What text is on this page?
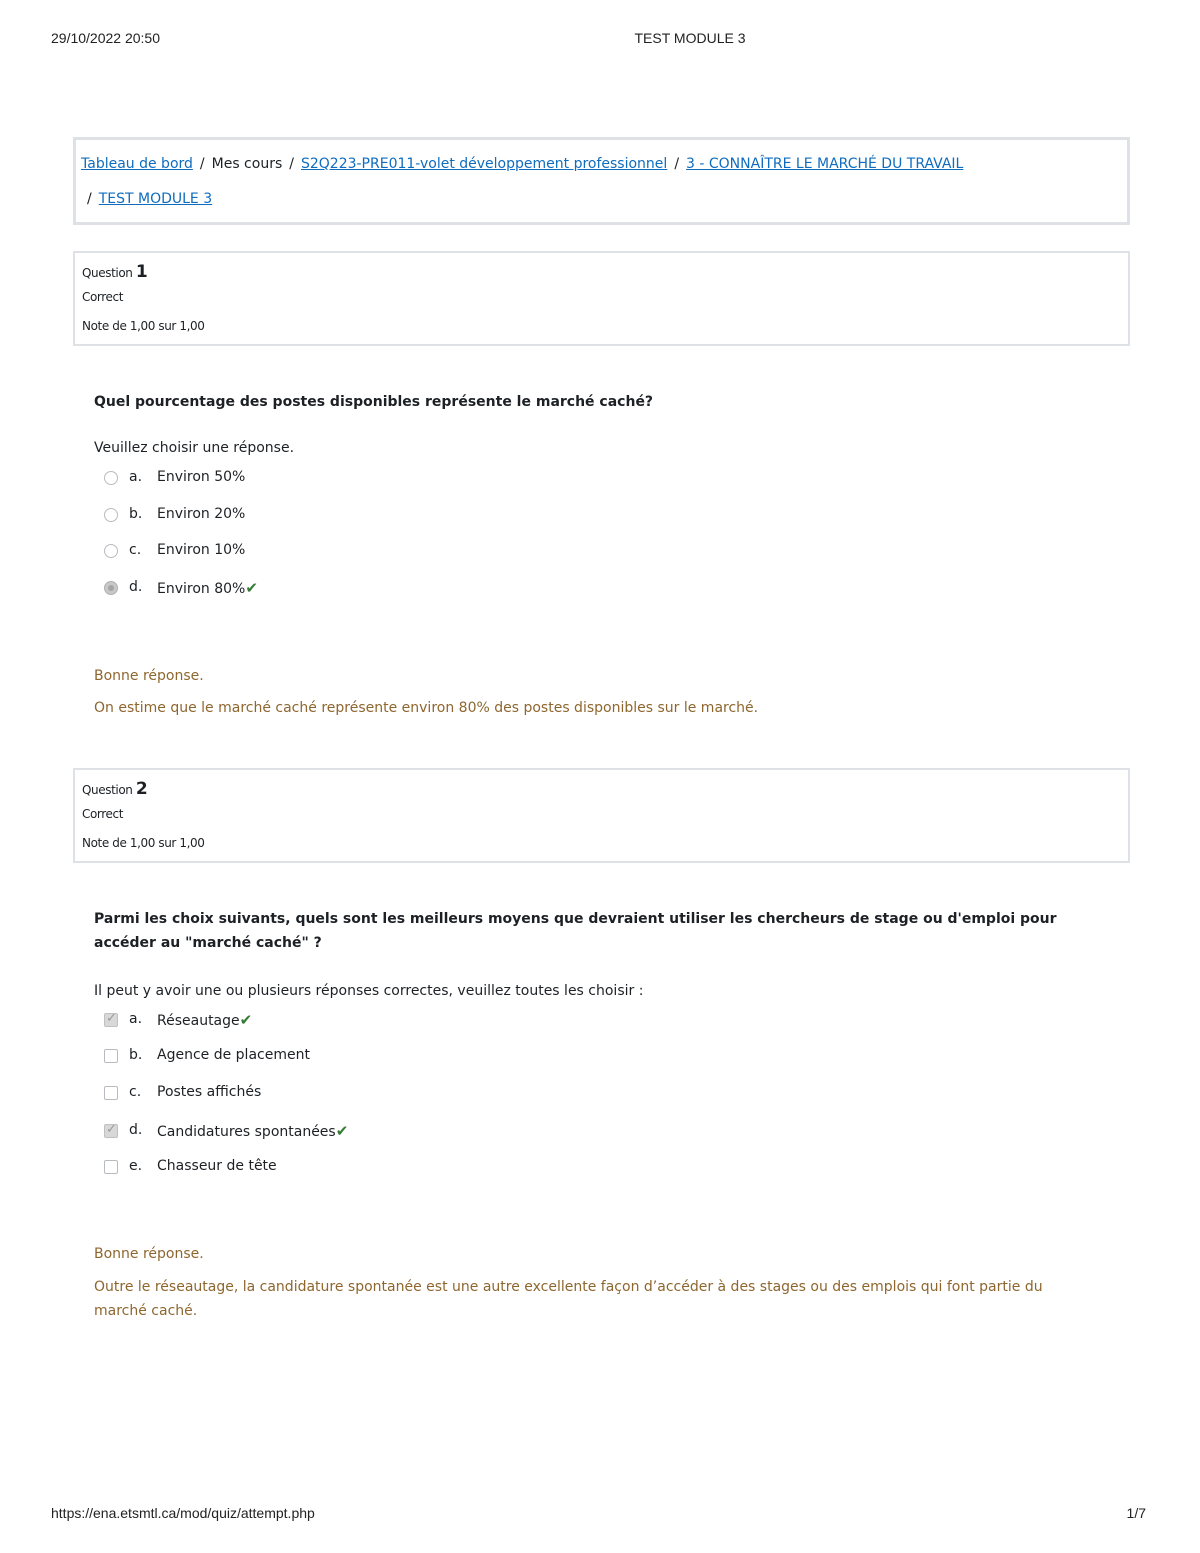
29/10/2022 20:50	TEST MODULE 3
Tableau de bord / Mes cours / S2Q223-PRE011-volet développement professionnel / 3 - CONNAÎTRE LE MARCHÉ DU TRAVAIL
/ TEST MODULE 3
Question 1
Correct
Note de 1,00 sur 1,00
Quel pourcentage des postes disponibles représente le marché caché?
Veuillez choisir une réponse.
a. Environ 50%
b. Environ 20%
c. Environ 10%
d. Environ 80%✔
Bonne réponse.
On estime que le marché caché représente environ 80% des postes disponibles sur le marché.
Question 2
Correct
Note de 1,00 sur 1,00
Parmi les choix suivants, quels sont les meilleurs moyens que devraient utiliser les chercheurs de stage ou d'emploi pour accéder au "marché caché" ?
Il peut y avoir une ou plusieurs réponses correctes, veuillez toutes les choisir :
✓
a. Réseautage✔
b. Agence de placement
c. Postes affichés
✓
d. Candidatures spontanées✔
e. Chasseur de tête
Bonne réponse.
Outre le réseautage, la candidature spontanée est une autre excellente façon d’accéder à des stages ou des emplois qui font partie du marché caché.
https://ena.etsmtl.ca/mod/quiz/attempt.php	1/7
